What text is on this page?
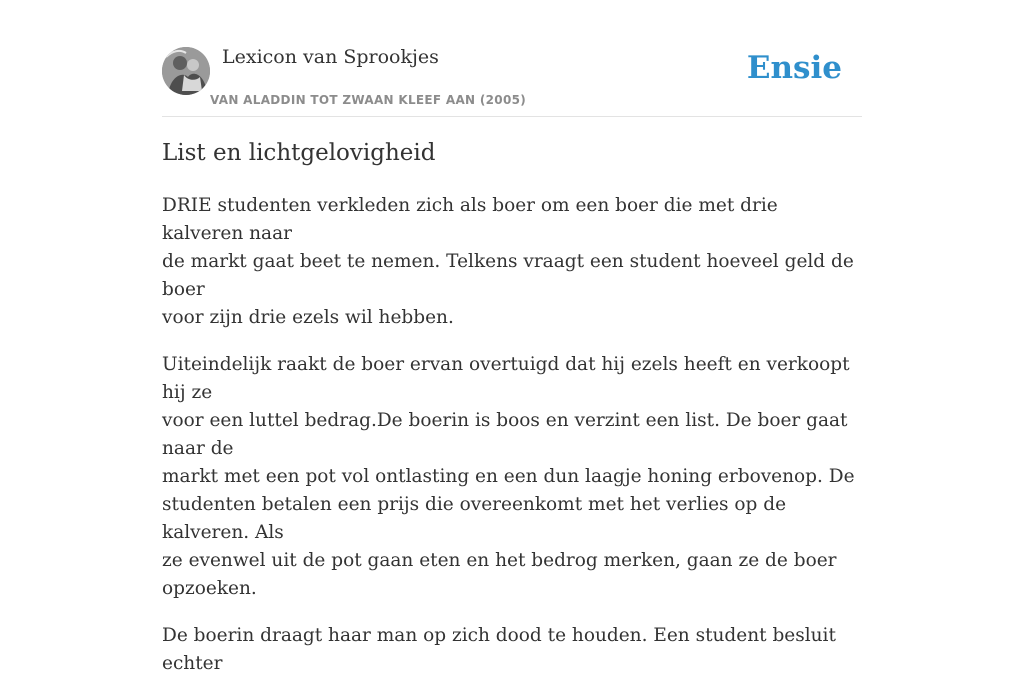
Lexicon van Sprookjes
VAN ALADDIN TOT ZWAAN KLEEF AAN (2005)
Ensie
List en lichtgelovigheid

DRIE studenten verkleden zich als boer om een boer die met drie kalveren naar
de markt gaat beet te nemen. Telkens vraagt een student hoeveel geld de boer
voor zijn drie ezels wil hebben.

Uiteindelijk raakt de boer ervan overtuigd dat hij ezels heeft en verkoopt hij ze
voor een luttel bedrag.De boerin is boos en verzint een list. De boer gaat naar de
markt met een pot vol ontlasting en een dun laagje honing erbovenop. De
studenten betalen een prijs die overeenkomt met het verlies op de kalveren. Als
ze evenwel uit de pot gaan eten en het bedrog merken, gaan ze de boer
opzoeken.

De boerin draagt haar man op zich dood te houden. Een student besluit echter
